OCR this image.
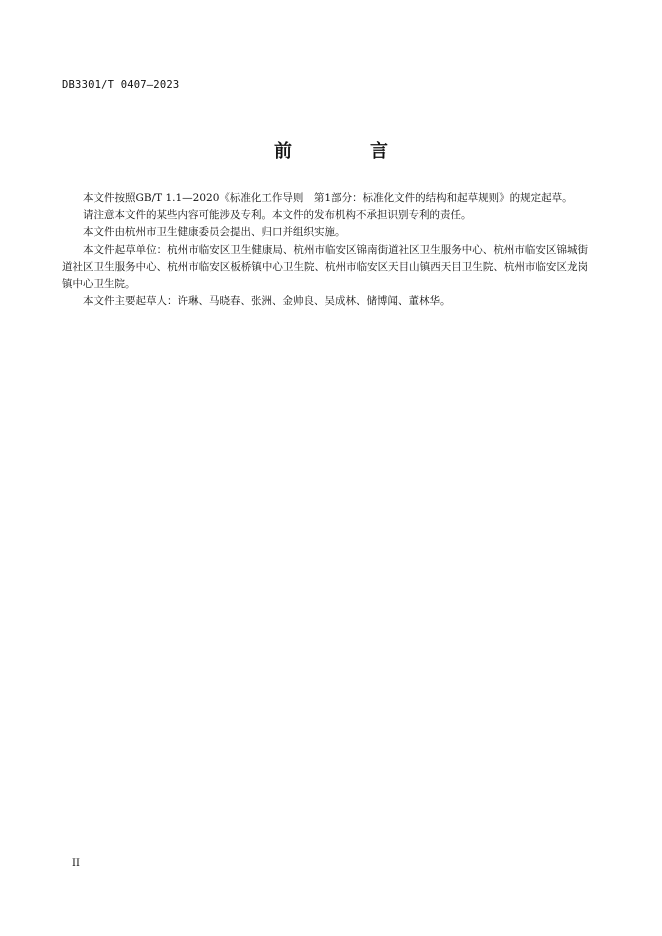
DB3301/T 0407—2023
前　言

本文件按照GB/T 1.1—2020《标准化工作导则　第1部分：标准化文件的结构和起草规则》的规定起草。

请注意本文件的某些内容可能涉及专利。本文件的发布机构不承担识别专利的责任。

本文件由杭州市卫生健康委员会提出、归口并组织实施。

本文件起草单位：杭州市临安区卫生健康局、杭州市临安区锦南街道社区卫生服务中心、杭州市临安区锦城街道社区卫生服务中心、杭州市临安区板桥镇中心卫生院、杭州市临安区天目山镇西天目卫生院、杭州市临安区龙岗镇中心卫生院。

本文件主要起草人：许琳、马晓春、张洲、金帅良、吴成林、储博闻、董林华。

II
